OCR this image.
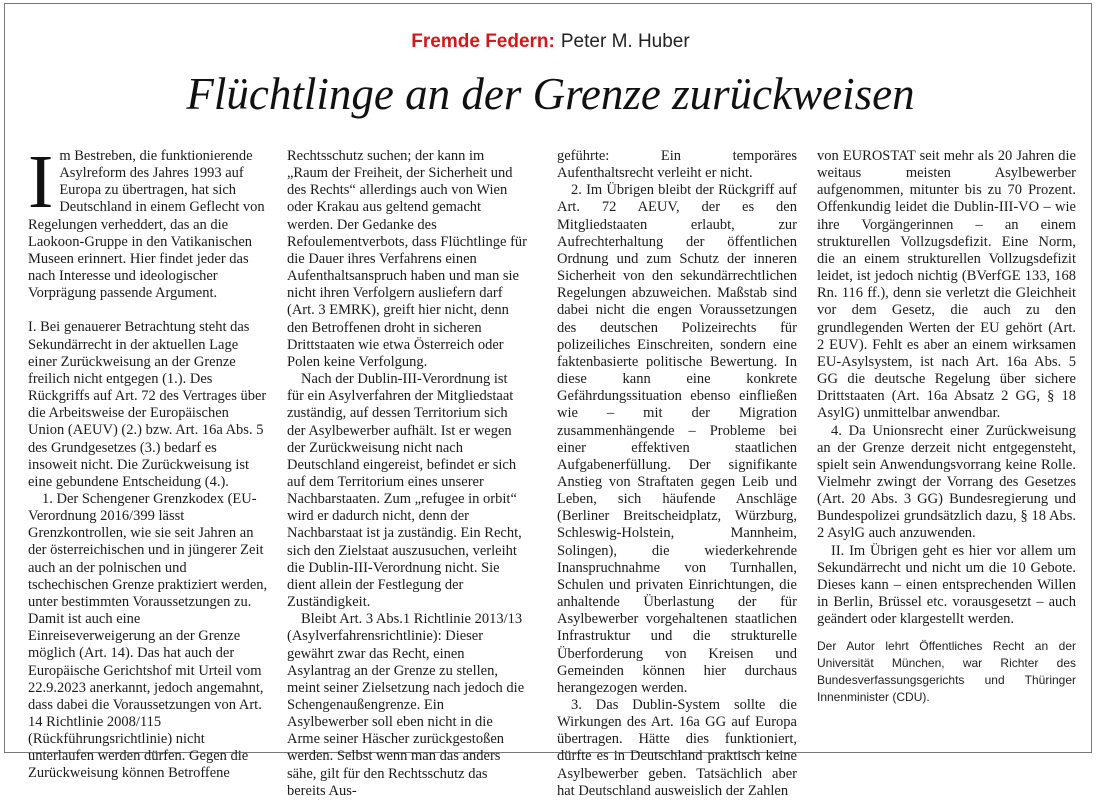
Fremde Federn: Peter M. Huber
Flüchtlinge an der Grenze zurückweisen

Im Bestreben, die funktionierende Asylreform des Jahres 1993 auf Europa zu übertragen, hat sich Deutschland in einem Geflecht von Regelungen verheddert, das an die Laokoon-Gruppe in den Vatikanischen Museen erinnert. Hier findet jeder das nach Interesse und ideologischer Vorprägung passende Argument.

I. Bei genauerer Betrachtung steht das Sekundärrecht in der aktuellen Lage einer Zurückweisung an der Grenze freilich nicht entgegen (1.). Des Rückgriffs auf Art. 72 des Vertrages über die Arbeitsweise der Europäischen Union (AEUV) (2.) bzw. Art. 16a Abs. 5 des Grundgesetzes (3.) bedarf es insoweit nicht. Die Zurückweisung ist eine gebundene Entscheidung (4.).

1. Der Schengener Grenzkodex (EU-Verordnung 2016/399 lässt Grenzkontrollen, wie sie seit Jahren an der österreichischen und in jüngerer Zeit auch an der polnischen und tschechischen Grenze praktiziert werden, unter bestimmten Voraussetzungen zu. Damit ist auch eine Einreiseverweigerung an der Grenze möglich (Art. 14). Das hat auch der Europäische Gerichtshof mit Urteil vom 22.9.2023 anerkannt, jedoch angemahnt, dass dabei die Voraussetzungen von Art. 14 Richtlinie 2008/115 (Rückführungsrichtlinie) nicht unterlaufen werden dürfen. Gegen die Zurückweisung können Betroffene

Rechtsschutz suchen; der kann im „Raum der Freiheit, der Sicherheit und des Rechts“ allerdings auch von Wien oder Krakau aus geltend gemacht werden. Der Gedanke des Refoulementverbots, dass Flüchtlinge für die Dauer ihres Verfahrens einen Aufenthaltsanspruch haben und man sie nicht ihren Verfolgern ausliefern darf (Art. 3 EMRK), greift hier nicht, denn den Betroffenen droht in sicheren Drittstaaten wie etwa Österreich oder Polen keine Verfolgung.

Nach der Dublin-III-Verordnung ist für ein Asylverfahren der Mitgliedstaat zuständig, auf dessen Territorium sich der Asylbewerber aufhält. Ist er wegen der Zurückweisung nicht nach Deutschland eingereist, befindet er sich auf dem Territorium eines unserer Nachbarstaaten. Zum „refugee in orbit“ wird er dadurch nicht, denn der Nachbarstaat ist ja zuständig. Ein Recht, sich den Zielstaat auszusuchen, verleiht die Dublin-III-Verordnung nicht. Sie dient allein der Festlegung der Zuständigkeit.

Bleibt Art. 3 Abs.1 Richtlinie 2013/13 (Asylverfahrensrichtlinie): Dieser gewährt zwar das Recht, einen Asylantrag an der Grenze zu stellen, meint seiner Zielsetzung nach jedoch die Schengenaußengrenze. Ein Asylbewerber soll eben nicht in die Arme seiner Häscher zurückgestoßen werden. Selbst wenn man das anders sähe, gilt für den Rechtsschutz das bereits Aus-

geführte: Ein temporäres Aufenthaltsrecht verleiht er nicht.

2. Im Übrigen bleibt der Rückgriff auf Art. 72 AEUV, der es den Mitgliedstaaten erlaubt, zur Aufrechterhaltung der öffentlichen Ordnung und zum Schutz der inneren Sicherheit von den sekundärrechtlichen Regelungen abzuweichen. Maßstab sind dabei nicht die engen Voraussetzungen des deutschen Polizeirechts für polizeiliches Einschreiten, sondern eine faktenbasierte politische Bewertung. In diese kann eine konkrete Gefährdungssituation ebenso einfließen wie – mit der Migration zusammenhängende – Probleme bei einer effektiven staatlichen Aufgabenerfüllung. Der signifikante Anstieg von Straftaten gegen Leib und Leben, sich häufende Anschläge (Berliner Breitscheidplatz, Würzburg, Schleswig-Holstein, Mannheim, Solingen), die wiederkehrende Inanspruchnahme von Turnhallen, Schulen und privaten Einrichtungen, die anhaltende Überlastung der für Asylbewerber vorgehaltenen staatlichen Infrastruktur und die strukturelle Überforderung von Kreisen und Gemeinden können hier durchaus herangezogen werden.

3. Das Dublin-System sollte die Wirkungen des Art. 16a GG auf Europa übertragen. Hätte dies funktioniert, dürfte es in Deutschland praktisch keine Asylbewerber geben. Tatsächlich aber hat Deutschland ausweislich der Zahlen

von EUROSTAT seit mehr als 20 Jahren die weitaus meisten Asylbewerber aufgenommen, mitunter bis zu 70 Prozent. Offenkundig leidet die Dublin-III-VO – wie ihre Vorgängerinnen – an einem strukturellen Vollzugsdefizit. Eine Norm, die an einem strukturellen Vollzugsdefizit leidet, ist jedoch nichtig (BVerfGE 133, 168 Rn. 116 ff.), denn sie verletzt die Gleichheit vor dem Gesetz, die auch zu den grundlegenden Werten der EU gehört (Art. 2 EUV). Fehlt es aber an einem wirksamen EU-Asylsystem, ist nach Art. 16a Abs. 5 GG die deutsche Regelung über sichere Drittstaaten (Art. 16a Absatz 2 GG, § 18 AsylG) unmittelbar anwendbar.

4. Da Unionsrecht einer Zurückweisung an der Grenze derzeit nicht entgegensteht, spielt sein Anwendungsvorrang keine Rolle. Vielmehr zwingt der Vorrang des Gesetzes (Art. 20 Abs. 3 GG) Bundesregierung und Bundespolizei grundsätzlich dazu, § 18 Abs. 2 AsylG auch anzuwenden.

II. Im Übrigen geht es hier vor allem um Sekundärrecht und nicht um die 10 Gebote. Dieses kann – einen entsprechenden Willen in Berlin, Brüssel etc. vorausgesetzt – auch geändert oder klargestellt werden.

Der Autor lehrt Öffentliches Recht an der Universität München, war Richter des Bundesverfassungsgerichts und Thüringer Innenminister (CDU).
